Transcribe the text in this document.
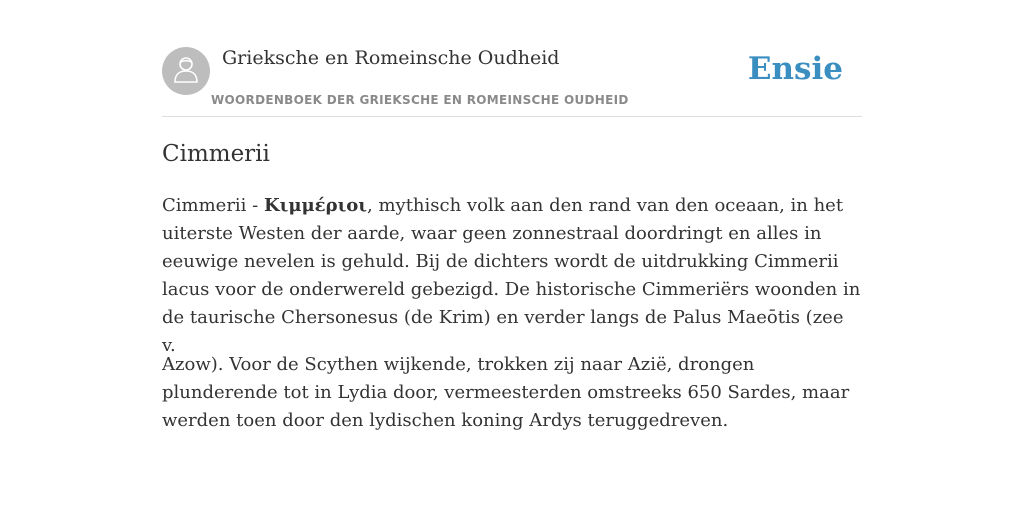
Grieksche en Romeinsche Oudheid
WOORDENBOEK DER GRIEKSCHE EN ROMEINSCHE OUDHEID
Ensie
Cimmerii

Cimmerii - Κιμμέριοι, mythisch volk aan den rand van den oceaan, in het uiterste Westen der aarde, waar geen zonnestraal doordringt en alles in eeuwige nevelen is gehuld. Bij de dichters wordt de uitdrukking Cimmerii lacus voor de onderwereld gebezigd. De historische Cimmeriërs woonden in de taurische Chersonesus (de Krim) en verder langs de Palus Maeōtis (zee v.

Azow). Voor de Scythen wijkende, trokken zij naar Azië, drongen plunderende tot in Lydia door, vermeesterden omstreeks 650 Sardes, maar werden toen door den lydischen koning Ardys teruggedreven.
